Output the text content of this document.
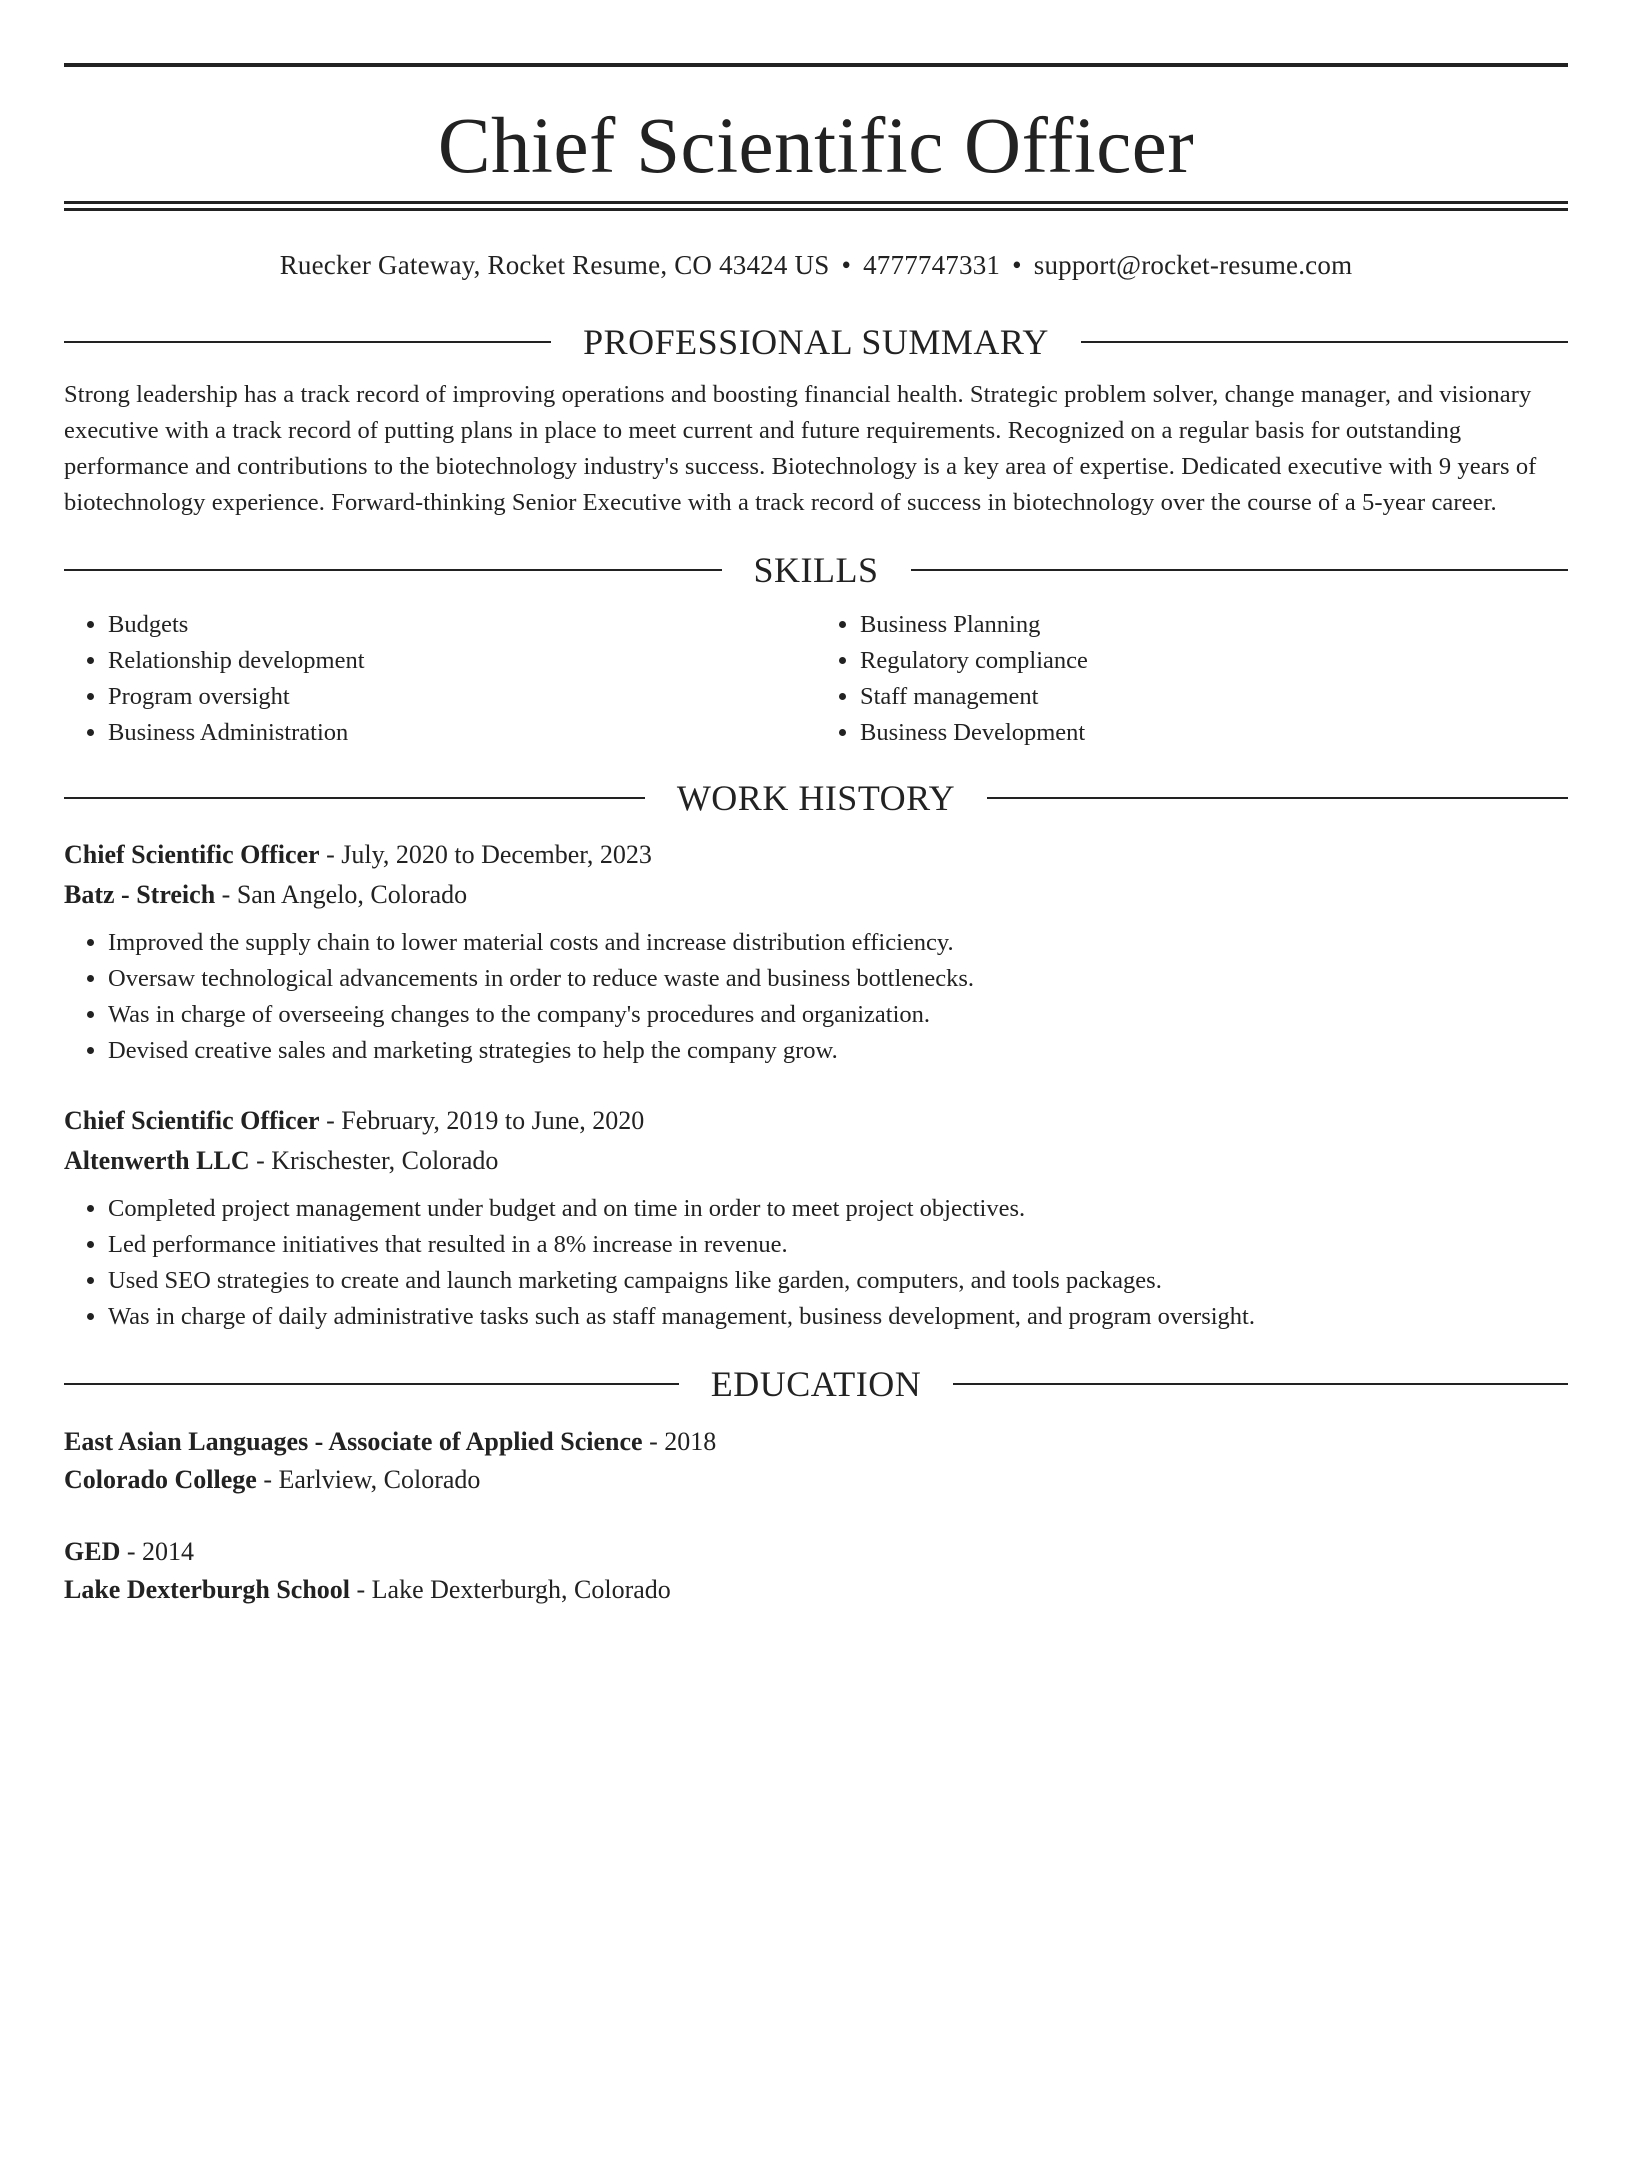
Chief Scientific Officer
Ruecker Gateway, Rocket Resume, CO 43424 US • 4777747331 • support@rocket-resume.com
PROFESSIONAL SUMMARY

Strong leadership has a track record of improving operations and boosting financial health. Strategic problem solver, change manager, and visionary executive with a track record of putting plans in place to meet current and future requirements. Recognized on a regular basis for outstanding performance and contributions to the biotechnology industry's success. Biotechnology is a key area of expertise. Dedicated executive with 9 years of biotechnology experience. Forward-thinking Senior Executive with a track record of success in biotechnology over the course of a 5-year career.

SKILLS
• Budgets
• Relationship development
• Program oversight
• Business Administration
• Business Planning
• Regulatory compliance
• Staff management
• Business Development
WORK HISTORY
Chief Scientific Officer - July, 2020 to December, 2023
Batz - Streich - San Angelo, Colorado
• Improved the supply chain to lower material costs and increase distribution efficiency.
• Oversaw technological advancements in order to reduce waste and business bottlenecks.
• Was in charge of overseeing changes to the company's procedures and organization.
• Devised creative sales and marketing strategies to help the company grow.
Chief Scientific Officer - February, 2019 to June, 2020
Altenwerth LLC - Krischester, Colorado
• Completed project management under budget and on time in order to meet project objectives.
• Led performance initiatives that resulted in a 8% increase in revenue.
• Used SEO strategies to create and launch marketing campaigns like garden, computers, and tools packages.
• Was in charge of daily administrative tasks such as staff management, business development, and program oversight.
EDUCATION
East Asian Languages - Associate of Applied Science - 2018
Colorado College - Earlview, Colorado
GED - 2014
Lake Dexterburgh School - Lake Dexterburgh, Colorado
